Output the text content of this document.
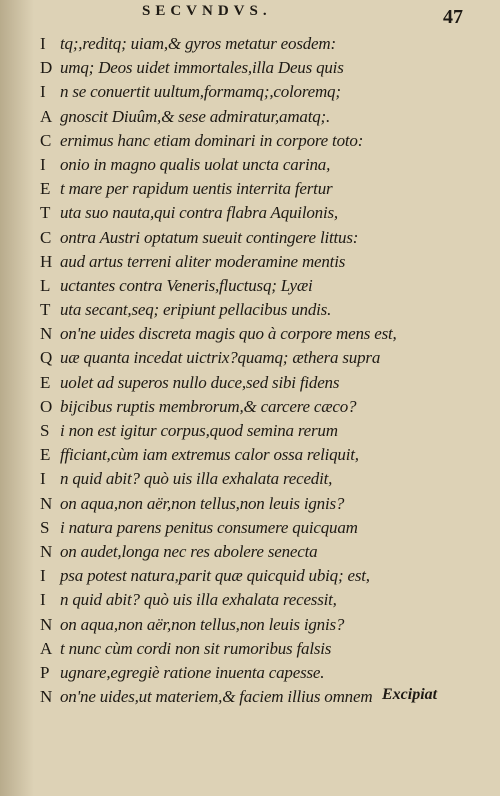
SECVNDVS.	47
I tq;,reditq; uiam,& gyros metatur eosdem:
D umq; Deos uidet immortales,illa Deus quis
I n se conuertit uultum,formamq;,coloremq;
A gnoscit Diuûm,& sese admiratur,amatq;.
C ernimus hanc etiam dominari in corpore toto:
I onio in magno qualis uolat uncta carina,
E t mare per rapidum uentis interrita fertur
T uta suo nauta,qui contra flabra Aquilonis,
C ontra Austri optatum sueuit contingere littus:
H aud artus terreni aliter moderamine mentis
L uctantes contra Veneris,fluctusq; Lyæi
T uta secant,seq; eripiunt pellacibus undis.
N on'ne uides discreta magis quo à corpore mens est,
Q uæ quanta incedat uictrix?quamq; æthera supra
E uolet ad superos nullo duce,sed sibi fidens
O bijcibus ruptis membrorum,& carcere cæco?
S i non est igitur corpus,quod semina rerum
E fficiant,cùm iam extremus calor ossa reliquit,
I n quid abit? quò uis illa exhalata recedit,
N on aqua,non aër,non tellus,non leuis ignis?
S i natura parens penitus consumere quicquam
N on audet,longa nec res abolere senecta
I psa potest natura,parit quæ quicquid ubiq; est,
I n quid abit? quò uis illa exhalata recessit,
N on aqua,non aër,non tellus,non leuis ignis?
A t nunc cùm cordi non sit rumoribus falsis
P ugnare,egregiè ratione inuenta capesse.
N on'ne uides,ut materiem,& faciem illius omnem Excipiat
